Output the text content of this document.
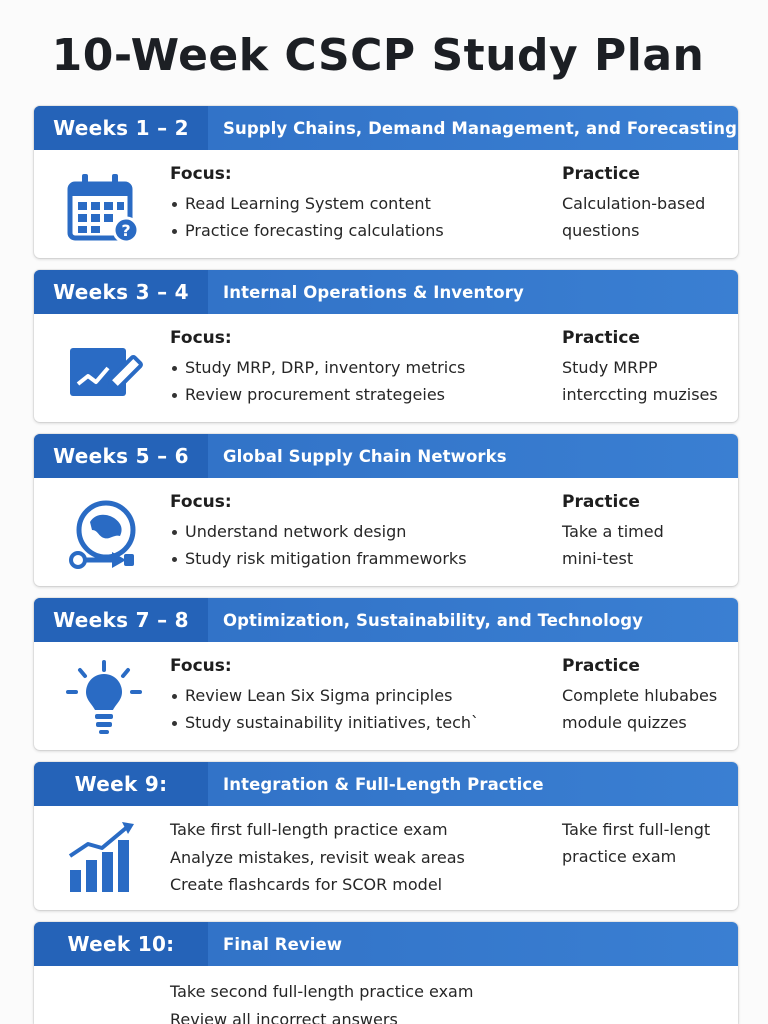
10-Week CSCP Study Plan
Weeks 1 – 2	Supply Chains, Demand Management, and Forecasting
?
Focus:
Read Learning System content
Practice forecasting calculations
Practice
Calculation-based
questions
Weeks 3 – 4	Internal Operations & Inventory
Focus:
Study MRP, DRP, inventory metrics
Review procurement strategeies
Practice
Study MRPP
interccting muzises
Weeks 5 – 6	Global Supply Chain Networks
Focus:
Understand network design
Study risk mitigation frammeworks
Practice
Take a timed
mini-test
Weeks 7 – 8	Optimization, Sustainability, and Technology
Focus:
Review Lean Six Sigma principles
Study sustainability initiatives, tech`
Practice
Complete hlubabes
module quizzes
Week 9:	Integration & Full-Length Practice
Take first full-length practice exam
Analyze mistakes, revisit weak areas
Create flashcards for SCOR model
Take first full-lengt
practice exam
Week 10:	Final Review
Take second full-length practice exam
Review all incorrect answers
